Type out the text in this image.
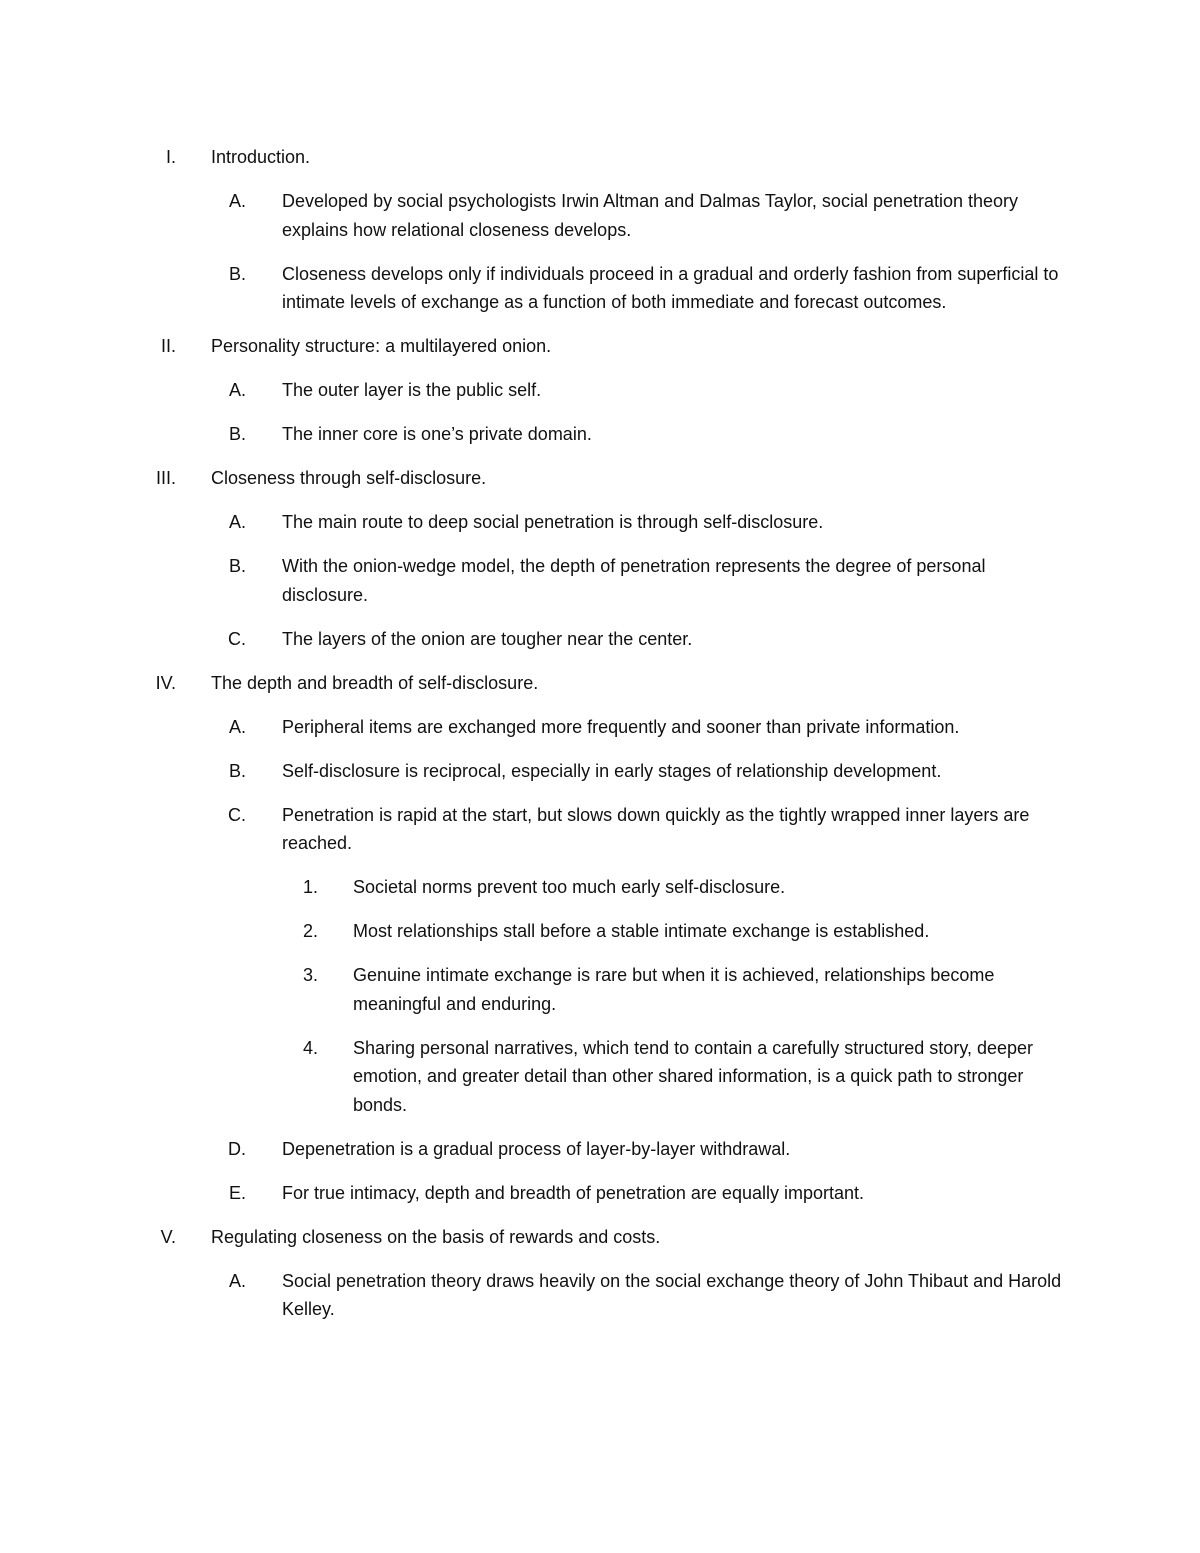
I. Introduction.
A. Developed by social psychologists Irwin Altman and Dalmas Taylor, social penetration theory explains how relational closeness develops.
B. Closeness develops only if individuals proceed in a gradual and orderly fashion from superficial to intimate levels of exchange as a function of both immediate and forecast outcomes.
II. Personality structure: a multilayered onion.
A. The outer layer is the public self.
B. The inner core is one’s private domain.
III. Closeness through self-disclosure.
A. The main route to deep social penetration is through self-disclosure.
B. With the onion-wedge model, the depth of penetration represents the degree of personal disclosure.
C. The layers of the onion are tougher near the center.
IV. The depth and breadth of self-disclosure.
A. Peripheral items are exchanged more frequently and sooner than private information.
B. Self-disclosure is reciprocal, especially in early stages of relationship development.
C. Penetration is rapid at the start, but slows down quickly as the tightly wrapped inner layers are reached.
1. Societal norms prevent too much early self-disclosure.
2. Most relationships stall before a stable intimate exchange is established.
3. Genuine intimate exchange is rare but when it is achieved, relationships become meaningful and enduring.
4. Sharing personal narratives, which tend to contain a carefully structured story, deeper emotion, and greater detail than other shared information, is a quick path to stronger bonds.
D. Depenetration is a gradual process of layer-by-layer withdrawal.
E. For true intimacy, depth and breadth of penetration are equally important.
V. Regulating closeness on the basis of rewards and costs.
A. Social penetration theory draws heavily on the social exchange theory of John Thibaut and Harold Kelley.
